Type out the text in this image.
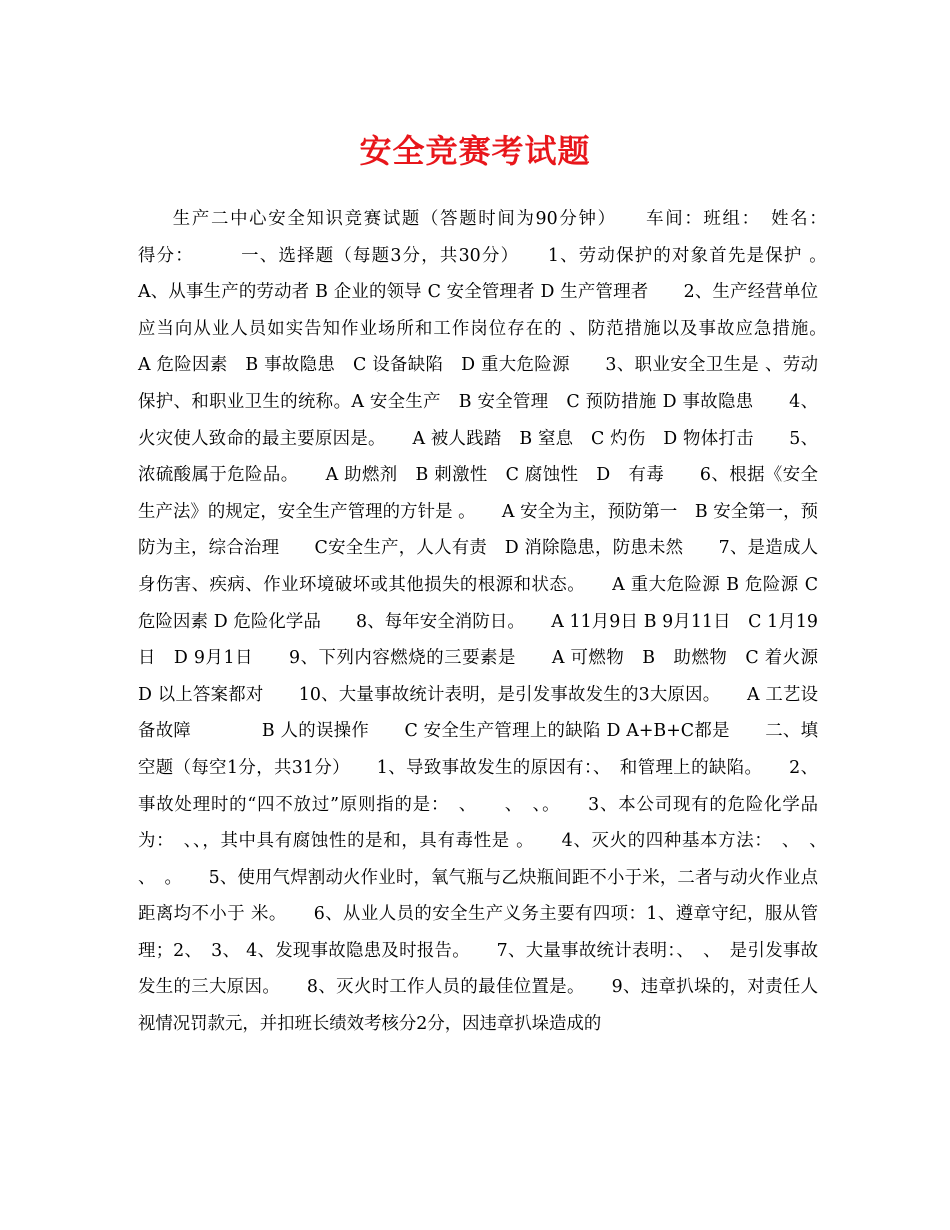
安全竞赛考试题

生产二中心安全知识竞赛试题（答题时间为90分钟）　　车间：班组：　姓名：　　　　　得分：　　　一、选择题（每题3分，共30分）　　1、劳动保护的对象首先是保护 。　　A、从事生产的劳动者 B 企业的领导 C 安全管理者 D 生产管理者　　2、生产经营单位应当向从业人员如实告知作业场所和工作岗位存在的 、防范措施以及事故应急措施。　　A 危险因素　B 事故隐患　C 设备缺陷　D 重大危险源　　3、职业安全卫生是 、劳动保护、和职业卫生的统称。A 安全生产　B 安全管理　C 预防措施 D 事故隐患　　4、火灾使人致命的最主要原因是。　　A 被人践踏　B 窒息　C 灼伤　D 物体打击　　5、浓硫酸属于危险品。　　A 助燃剂　B 刺激性　C 腐蚀性　D　有毒　　6、根据《安全生产法》的规定，安全生产管理的方针是 。　　A 安全为主，预防第一　B 安全第一，预防为主，综合治理　　C安全生产，人人有责　D 消除隐患，防患未然　　7、是造成人身伤害、疾病、作业环境破坏或其他损失的根源和状态。　　A 重大危险源 B 危险源 C 危险因素 D 危险化学品　　8、每年安全消防日。　　A 11月9日 B 9月11日　C 1月19日　D 9月1日　　9、下列内容燃烧的三要素是　　A 可燃物　B　助燃物　C 着火源　D 以上答案都对　　10、大量事故统计表明，是引发事故发生的3大原因。　　A 工艺设备故障　　　　B 人的误操作　　C 安全生产管理上的缺陷 D A+B+C都是　　二、填空题（每空1分，共31分）　　1、导致事故发生的原因有：、　和管理上的缺陷。　　2、事故处理时的“四不放过”原则指的是：　、　　、　、。　　3、本公司现有的危险化学品为：　、、，其中具有腐蚀性的是和，具有毒性是 。　　4、灭火的四种基本方法：　、　、　　、　。　　5、使用气焊割动火作业时，氧气瓶与乙炔瓶间距不小于米，二者与动火作业点距离均不小于 米。　　6、从业人员的安全生产义务主要有四项：1、遵章守纪，服从管理；2、　3、 4、发现事故隐患及时报告。　　7、大量事故统计表明：、　、　是引发事故发生的三大原因。　　8、灭火时工作人员的最佳位置是。　　9、违章扒垛的，对责任人视情况罚款元，并扣班长绩效考核分2分，因违章扒垛造成的
